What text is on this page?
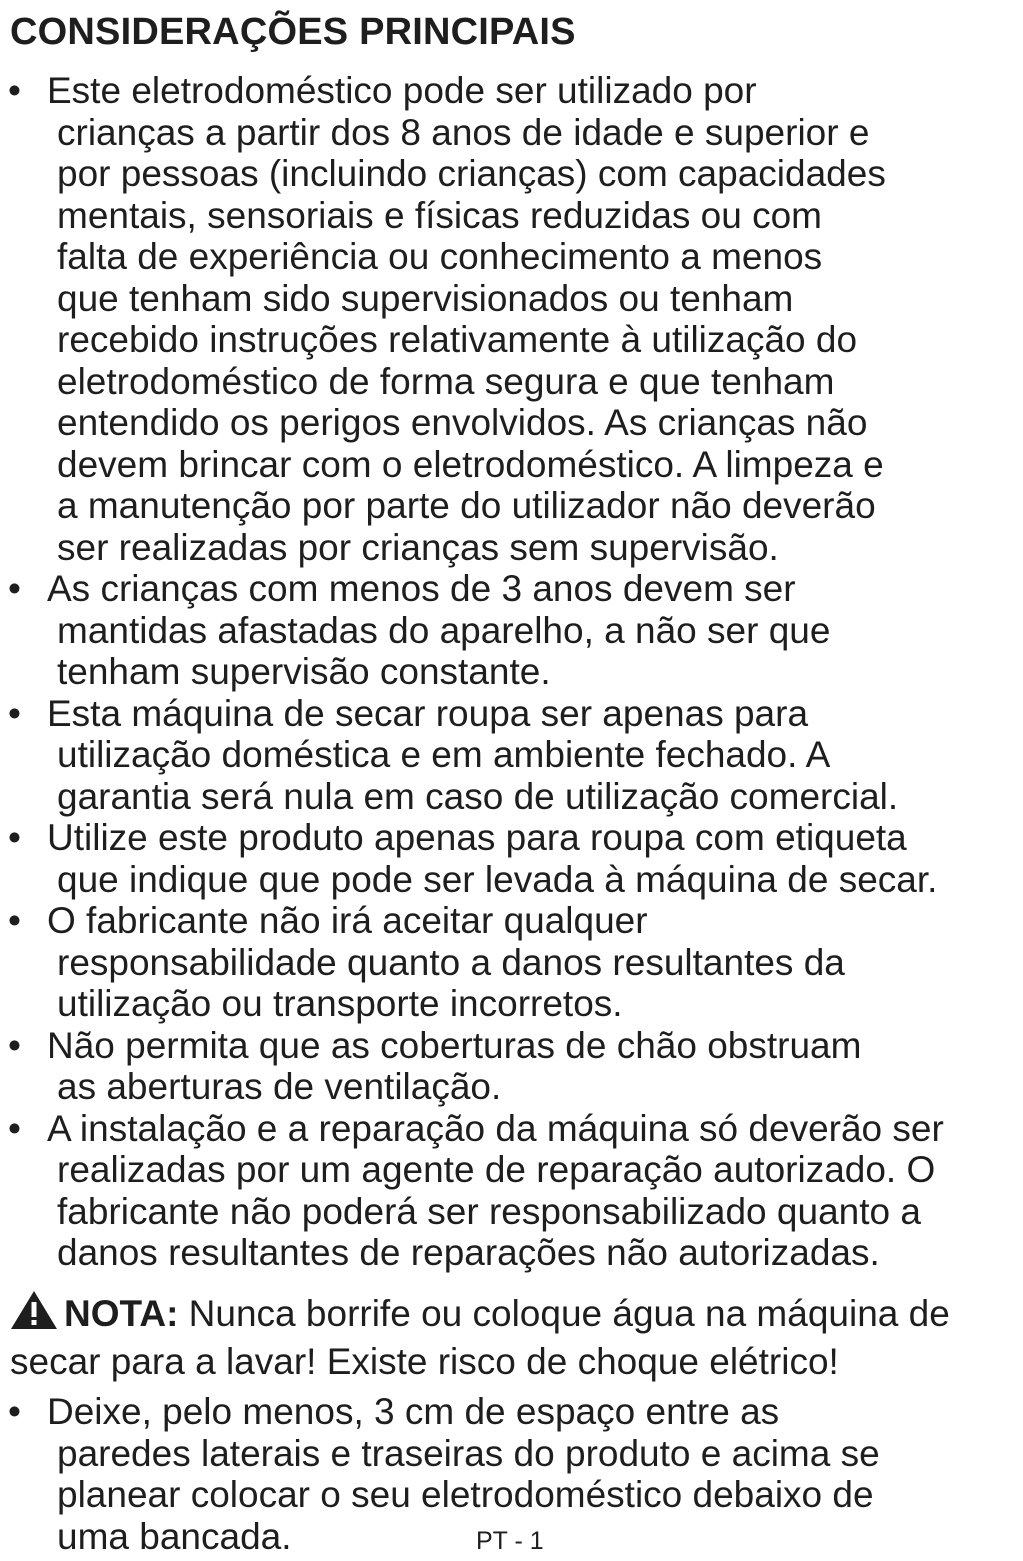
CONSIDERAÇÕES PRINCIPAIS
• Este eletrodoméstico pode ser utilizado por
crianças a partir dos 8 anos de idade e superior e
por pessoas (incluindo crianças) com capacidades
mentais, sensoriais e físicas reduzidas ou com
falta de experiência ou conhecimento a menos
que tenham sido supervisionados ou tenham
recebido instruções relativamente à utilização do
eletrodoméstico de forma segura e que tenham
entendido os perigos envolvidos. As crianças não
devem brincar com o eletrodoméstico. A limpeza e
a manutenção por parte do utilizador não deverão
ser realizadas por crianças sem supervisão.
• As crianças com menos de 3 anos devem ser
mantidas afastadas do aparelho, a não ser que
tenham supervisão constante.
• Esta máquina de secar roupa ser apenas para
utilização doméstica e em ambiente fechado. A
garantia será nula em caso de utilização comercial.
• Utilize este produto apenas para roupa com etiqueta
que indique que pode ser levada à máquina de secar.
• O fabricante não irá aceitar qualquer
responsabilidade quanto a danos resultantes da
utilização ou transporte incorretos.
• Não permita que as coberturas de chão obstruam
as aberturas de ventilação.
• A instalação e a reparação da máquina só deverão ser
realizadas por um agente de reparação autorizado. O
fabricante não poderá ser responsabilizado quanto a
danos resultantes de reparações não autorizadas.
NOTA: Nunca borrife ou coloque água na máquina de secar para a lavar! Existe risco de choque elétrico!
• Deixe, pelo menos, 3 cm de espaço entre as
paredes laterais e traseiras do produto e acima se
planear colocar o seu eletrodoméstico debaixo de
uma bancada.	PT - 1
